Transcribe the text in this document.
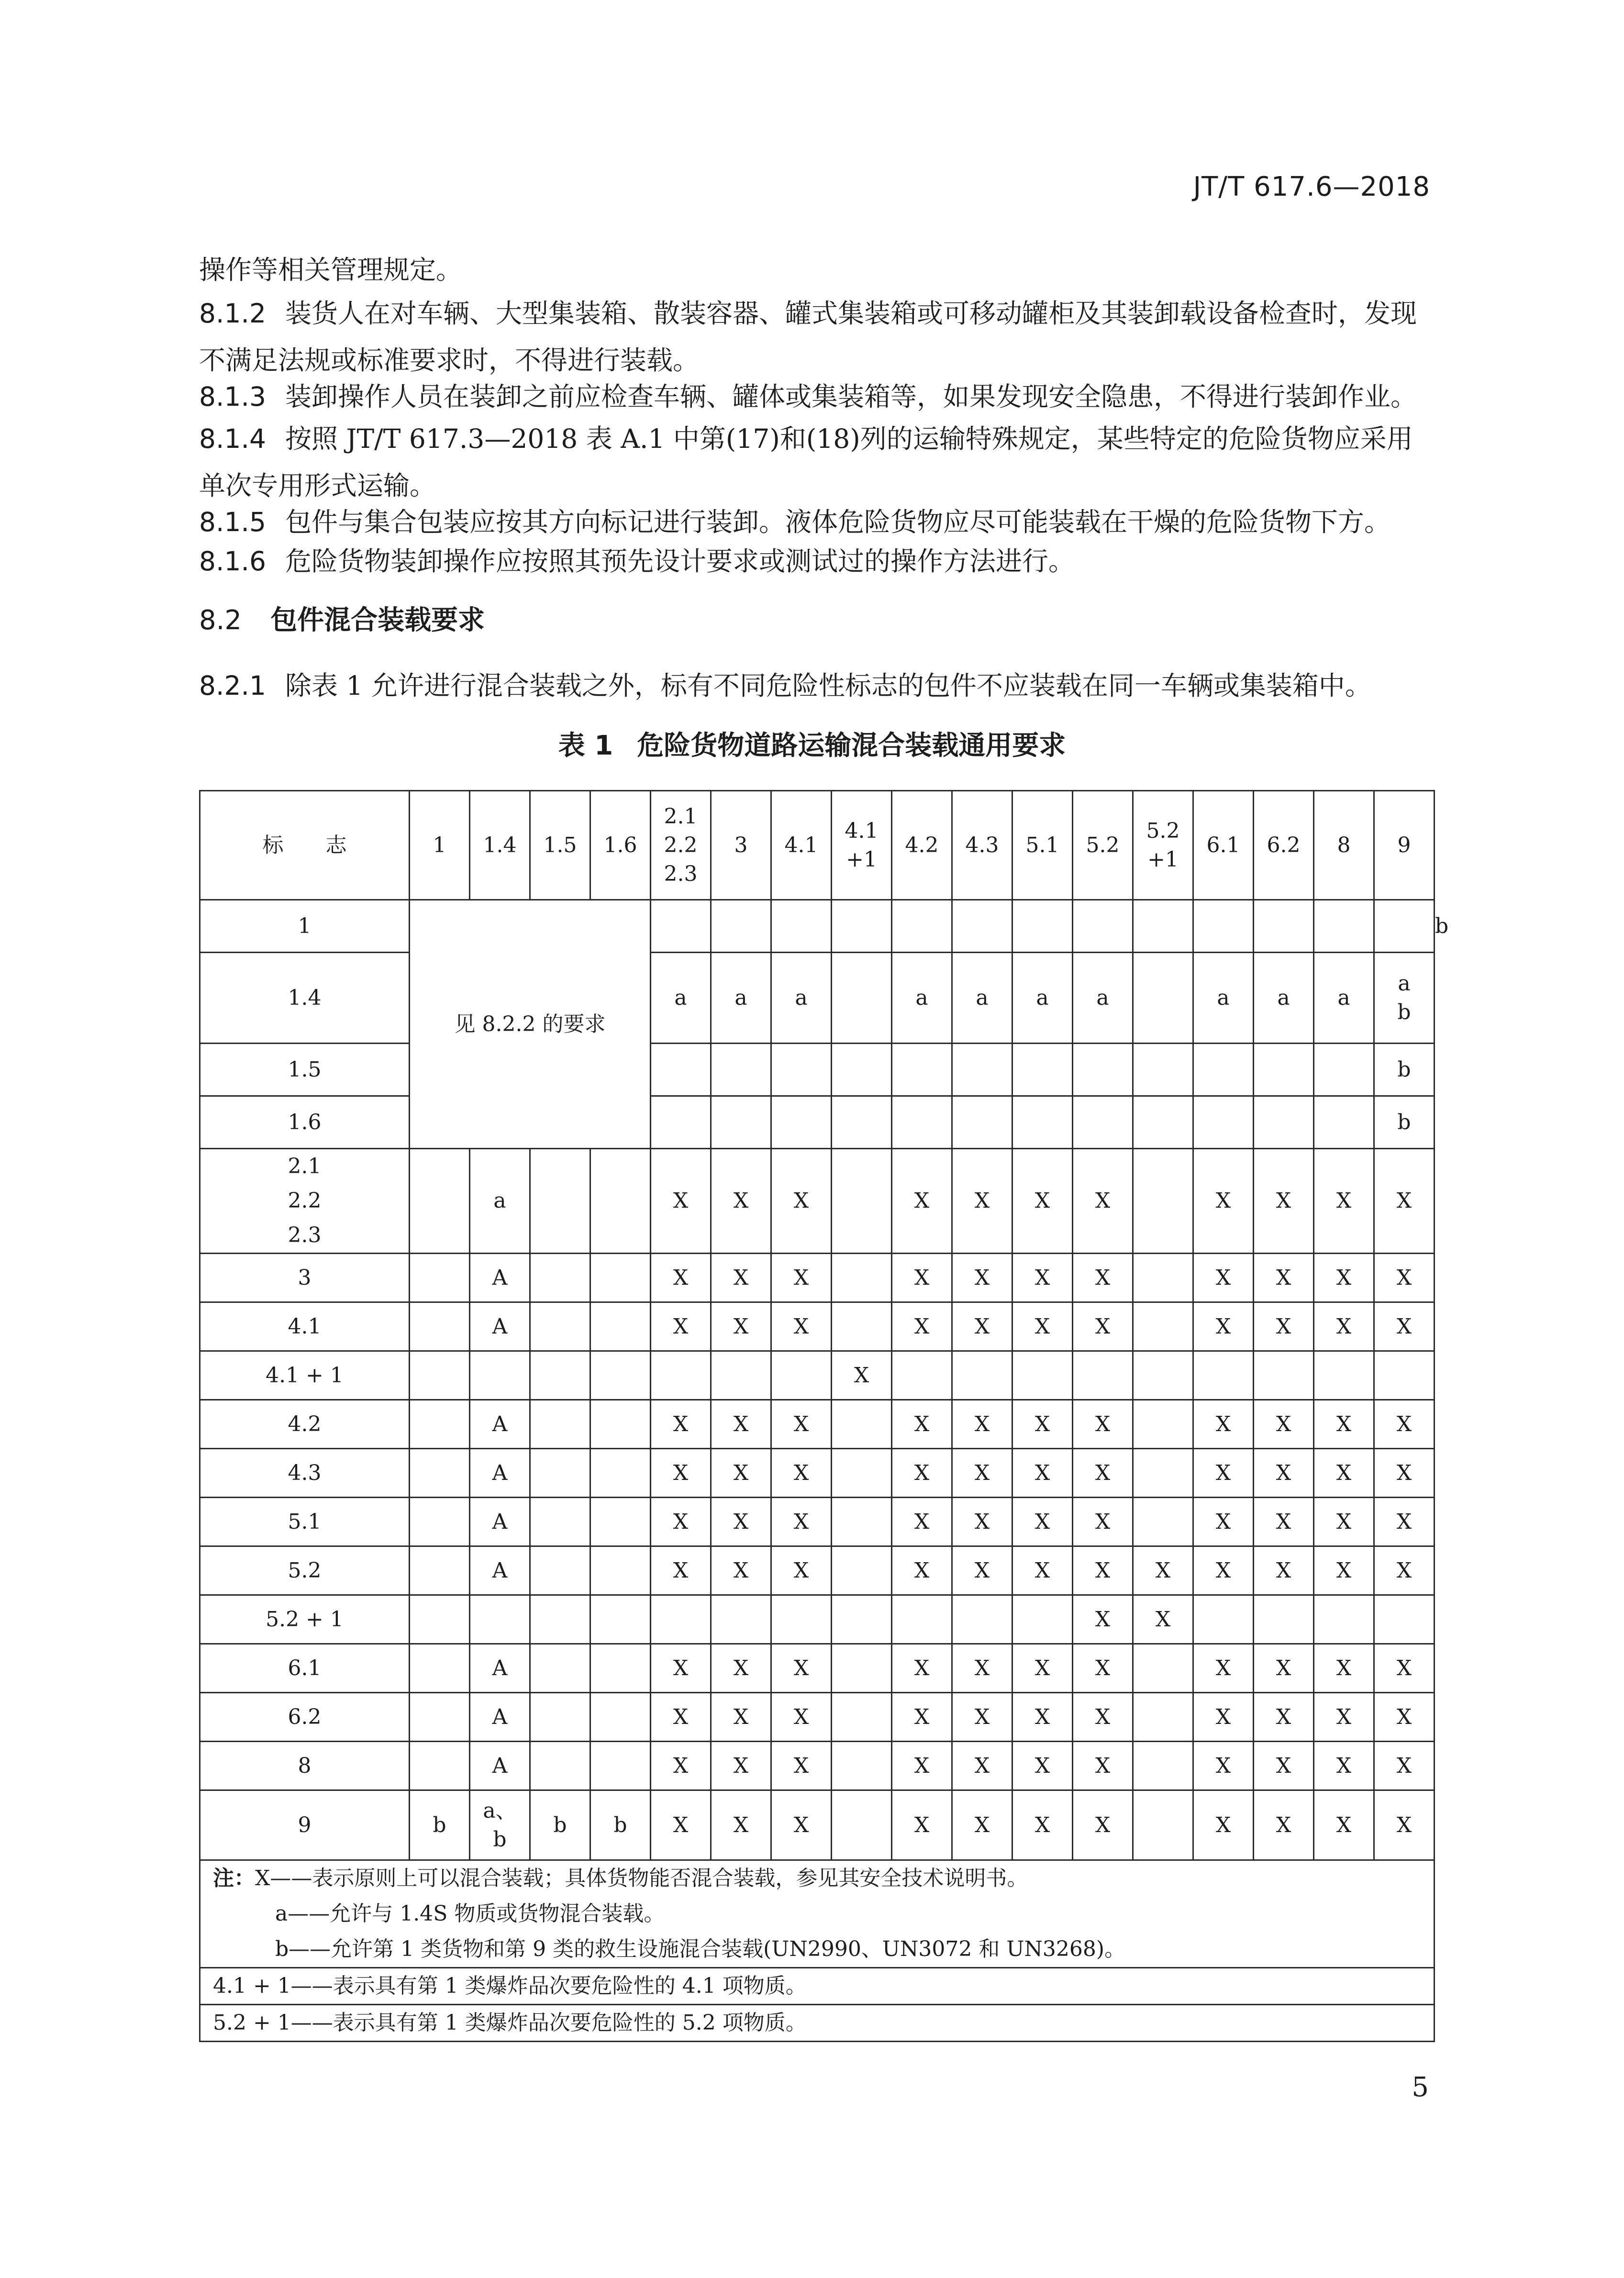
JT/T 617.6—2018
操作等相关管理规定。
8.1.2 装货人在对车辆、大型集装箱、散装容器、罐式集装箱或可移动罐柜及其装卸载设备检查时，发现不满足法规或标准要求时，不得进行装载。
8.1.3 装卸操作人员在装卸之前应检查车辆、罐体或集装箱等，如果发现安全隐患，不得进行装卸作业。
8.1.4 按照 JT/T 617.3—2018 表 A.1 中第(17)和(18)列的运输特殊规定，某些特定的危险货物应采用单次专用形式运输。
8.1.5 包件与集合包装应按其方向标记进行装卸。液体危险货物应尽可能装载在干燥的危险货物下方。
8.1.6 危险货物装卸操作应按照其预先设计要求或测试过的操作方法进行。
8.2 包件混合装载要求
8.2.1 除表 1 允许进行混合装载之外，标有不同危险性标志的包件不应装载在同一车辆或集装箱中。
表 1 危险货物道路运输混合装载通用要求
标　　志	1	1.4	1.5	1.6	2.1
2.2
2.3	3	4.1	4.1
+1	4.2	4.3	5.1	5.2	5.2
+1	6.1	6.2	8	9	
1	见 8.2.2 的要求																	b
1.4					a	a	a		a	a	a	a		a	a	a	a
b	
1.5																	b	
1.6																	b	
2.1
2.2
2.3		a			X	X	X		X	X	X	X		X	X	X	X	
3		A			X	X	X		X	X	X	X		X	X	X	X	
4.1		A			X	X	X		X	X	X	X		X	X	X	X	
4.1 + 1								X										
4.2		A			X	X	X		X	X	X	X		X	X	X	X	
4.3		A			X	X	X		X	X	X	X		X	X	X	X	
5.1		A			X	X	X		X	X	X	X		X	X	X	X	
5.2		A			X	X	X		X	X	X	X	X	X	X	X	X	
5.2 + 1												X	X					
6.1		A			X	X	X		X	X	X	X		X	X	X	X	
6.2		A			X	X	X		X	X	X	X		X	X	X	X	
8		A			X	X	X		X	X	X	X		X	X	X	X	
9	b	a、
b	b	b	X	X	X		X	X	X	X		X	X	X	X	

注：X——表示原则上可以混合装载；具体货物能否混合装载，参见其安全技术说明书。
a——允许与 1.4S 物质或货物混合装载。
b——允许第 1 类货物和第 9 类的救生设施混合装载(UN2990、UN3072 和 UN3268)。																		

4.1 + 1——表示具有第 1 类爆炸品次要危险性的 4.1 项物质。																		

5.2 + 1——表示具有第 1 类爆炸品次要危险性的 5.2 项物质。																		
5
